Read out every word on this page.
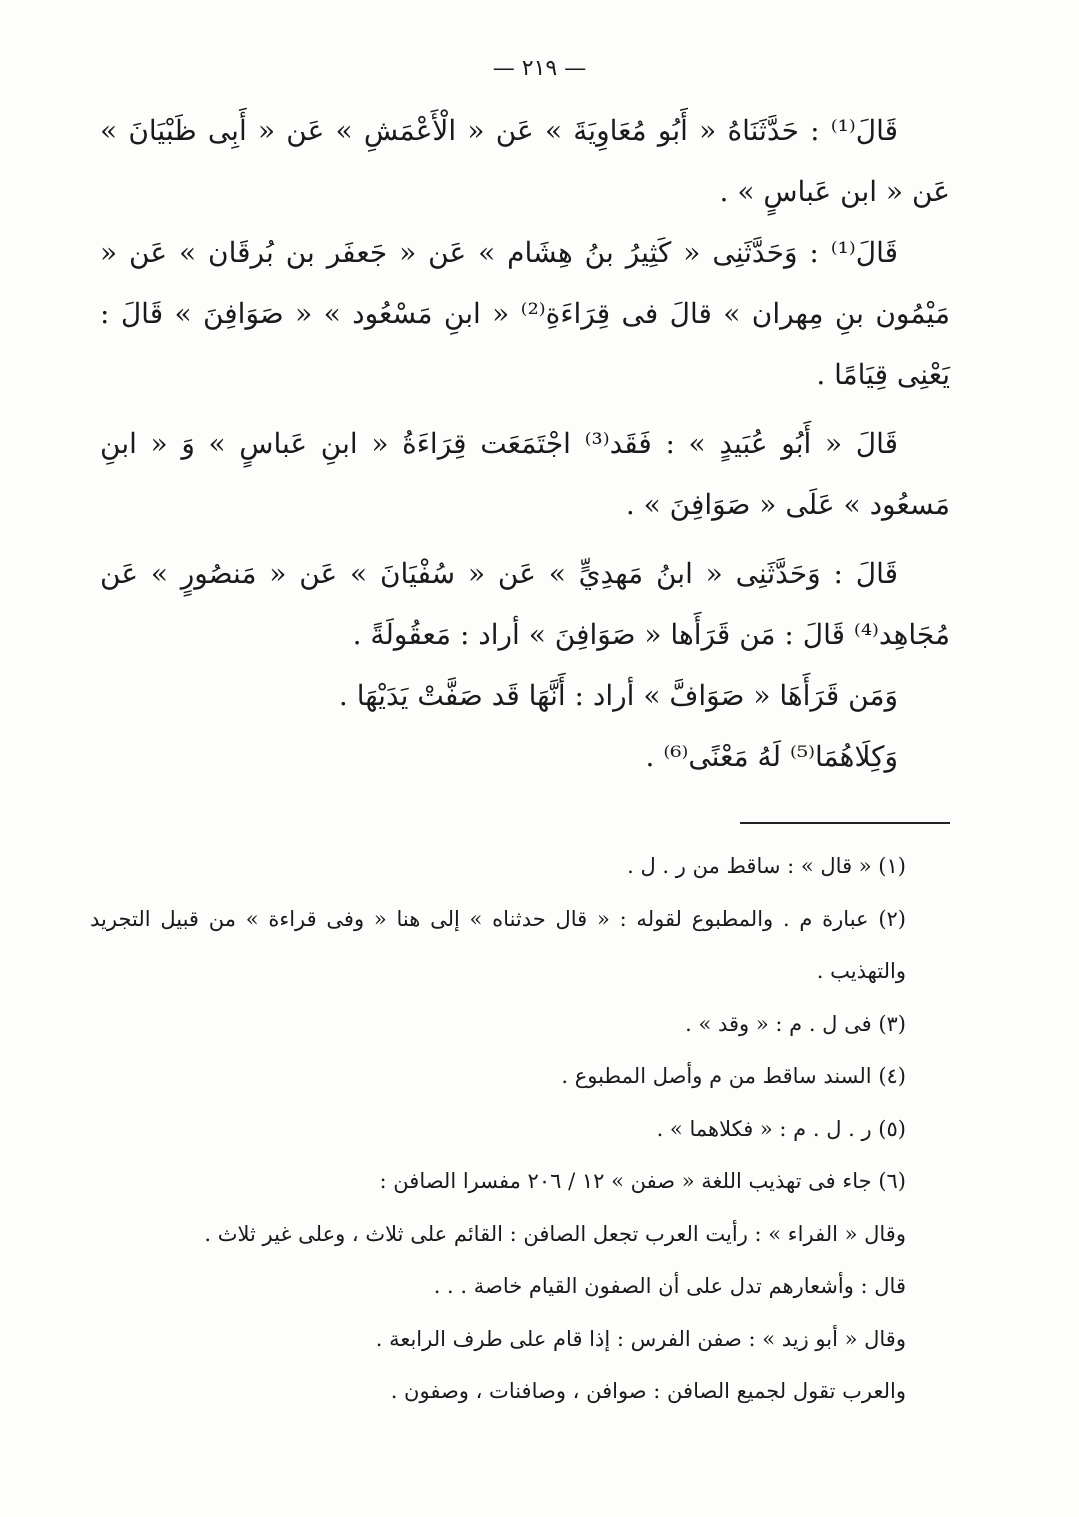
— ٢١٩ —

قَالَ⁽¹⁾ : حَدَّثَنَاهُ « أَبُو مُعَاوِيَةَ » عَن « الْأَعْمَشِ » عَن « أَبِى ظَبْيَانَ » عَن « ابن عَباسٍ » .

قَالَ⁽¹⁾ : وَحَدَّثَنِى « كَثِيرُ بنُ هِشَام » عَن « جَعفَر بن بُرقَان » عَن « مَيْمُون بنِ مِهران » قالَ فى قِرَاءَةِ⁽²⁾ « ابنِ مَسْعُود » « صَوَافِنَ » قَالَ : يَعْنِى قِيَامًا .

قَالَ « أَبُو عُبَيدٍ » : فَقَد⁽³⁾ اجْتَمَعَت قِرَاءَةُ « ابنِ عَباسٍ » وَ « ابنِ مَسعُود » عَلَى « صَوَافِنَ » .

قَالَ : وَحَدَّثَنِى « ابنُ مَهدِيٍّ » عَن « سُفْيَانَ » عَن « مَنصُورٍ » عَن مُجَاهِد⁽⁴⁾ قَالَ : مَن قَرَأَها « صَوَافِنَ » أراد : مَعقُولَةً .

وَمَن قَرَأَهَا « صَوَافَّ » أراد : أَنَّهَا قَد صَفَّتْ يَدَيْهَا .

وَكِلَاهُمَا⁽⁵⁾ لَهُ مَعْنًى⁽⁶⁾ .

(١) « قال » : ساقط من ر . ل .

(٢) عبارة م . والمطبوع لقوله : « قال حدثناه » إلى هنا « وفى قراءة » من قبيل التجريد والتهذيب .

(٣) فى ل . م : « وقد » .

(٤) السند ساقط من م وأصل المطبوع .

(٥) ر . ل . م : « فكلاهما » .

(٦) جاء فى تهذيب اللغة « صفن » ١٢ / ٢٠٦ مفسرا الصافن :

وقال « الفراء » : رأيت العرب تجعل الصافن : القائم على ثلاث ، وعلى غير ثلاث .

قال : وأشعارهم تدل على أن الصفون القيام خاصة . . .

وقال « أبو زيد » : صفن الفرس : إذا قام على طرف الرابعة .

والعرب تقول لجميع الصافن : صوافن ، وصافنات ، وصفون .
